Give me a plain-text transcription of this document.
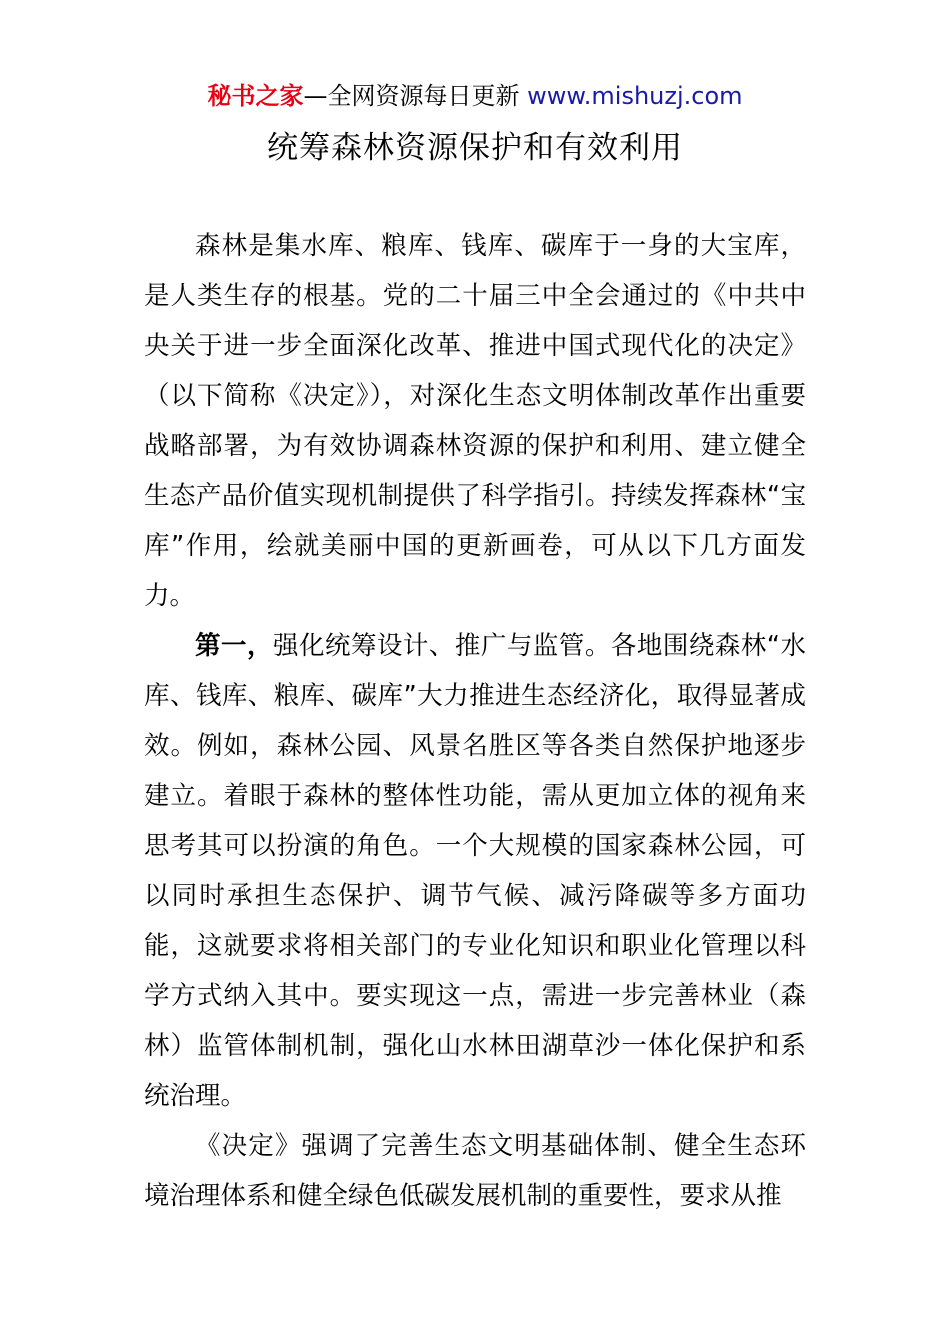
秘书之家—全网资源每日更新 www.mishuzj.com
统筹森林资源保护和有效利用

森林是集水库、粮库、钱库、碳库于一身的大宝库，是人类生存的根基。党的二十届三中全会通过的《中共中央关于进一步全面深化改革、推进中国式现代化的决定》（以下简称《决定》），对深化生态文明体制改革作出重要战略部署，为有效协调森林资源的保护和利用、建立健全生态产品价值实现机制提供了科学指引。持续发挥森林“宝库”作用，绘就美丽中国的更新画卷，可从以下几方面发力。

第一，强化统筹设计、推广与监管。各地围绕森林“水库、钱库、粮库、碳库”大力推进生态经济化，取得显著成效。例如，森林公园、风景名胜区等各类自然保护地逐步建立。着眼于森林的整体性功能，需从更加立体的视角来思考其可以扮演的角色。一个大规模的国家森林公园，可以同时承担生态保护、调节气候、减污降碳等多方面功能，这就要求将相关部门的专业化知识和职业化管理以科学方式纳入其中。要实现这一点，需进一步完善林业（森林）监管体制机制，强化山水林田湖草沙一体化保护和系统治理。

《决定》强调了完善生态文明基础体制、健全生态环境治理体系和健全绿色低碳发展机制的重要性，要求从推
